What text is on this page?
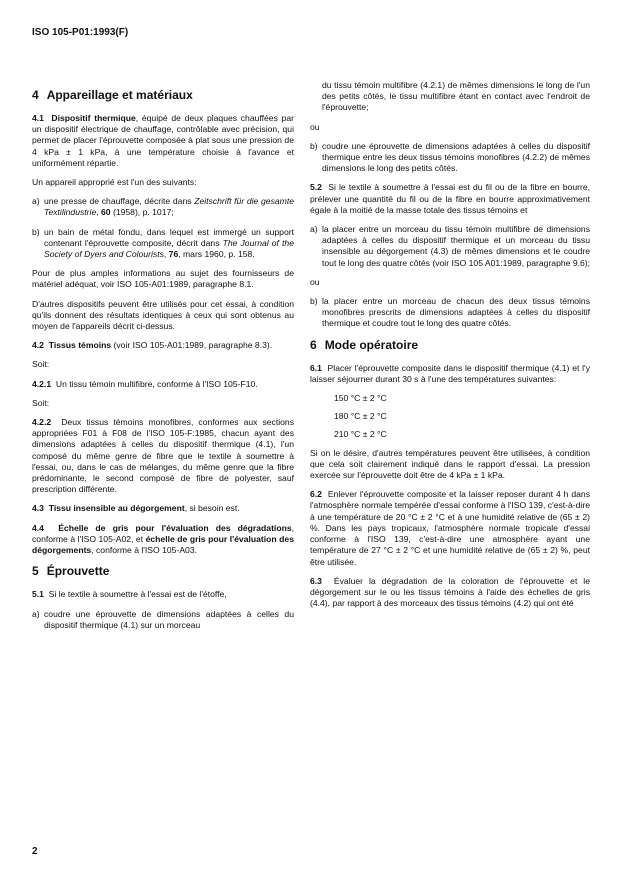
ISO 105-P01:1993(F)
4 Appareillage et matériaux

4.1 Dispositif thermique, équipé de deux plaques chauffées par un dispositif électrique de chauffage, contrôlable avec précision, qui permet de placer l'éprouvette composée à plat sous une pression de 4 kPa ± 1 kPa, à une température choisie à l'avance et uniformément répartie.

Un appareil approprié est l'un des suivants:

a) une presse de chauffage, décrite dans Zeitschrift für die gesamte Textilindustrie, 60 (1958), p. 1017;
b) un bain de métal fondu, dans lequel est immergé un support contenant l'éprouvette composite, décrit dans The Journal of the Society of Dyers and Colourists, 76, mars 1960, p. 158.

Pour de plus amples informations au sujet des fournisseurs de matériel adéquat, voir ISO 105-A01:1989, paragraphe 8.1.

D'autres dispositifs peuvent être utilisés pour cet essai, à condition qu'ils donnent des résultats identiques à ceux qui sont obtenus au moyen de l'appareils décrit ci-dessus.

4.2 Tissus témoins (voir ISO 105-A01:1989, paragraphe 8.3).

Soit:

4.2.1 Un tissu témoin multifibre, conforme à l'ISO 105-F10.

Soit:

4.2.2 Deux tissus témoins monofibres, conformes aux sections appropriées F01 à F08 de l'ISO 105-F:1985, chacun ayant des dimensions adaptées à celles du dispositif thermique (4.1), l'un composé du même genre de fibre que le textile à soumettre à l'essai, ou, dans le cas de mélanges, du même genre que la fibre prédominante, le second composé de fibre de polyester, sauf prescription différente.

4.3 Tissu insensible au dégorgement, si besoin est.

4.4 Échelle de gris pour l'évaluation des dégradations, conforme à l'ISO 105-A02, et échelle de gris pour l'évaluation des dégorgements, conforme à l'ISO 105-A03.

5 Éprouvette

5.1 Si le textile à soumettre à l'essai est de l'étoffe,

a) coudre une éprouvette de dimensions adaptées à celles du dispositif thermique (4.1) sur un morceau

du tissu témoin multifibre (4.2.1) de mêmes dimensions le long de l'un des petits côtés, le tissu multifibre étant en contact avec l'endroit de l'éprouvette;

ou

b) coudre une éprouvette de dimensions adaptées à celles du dispositif thermique entre les deux tissus témoins monofibres (4.2.2) de mêmes dimensions le long des petits côtés.

5.2 Si le textile à soumettre à l'essai est du fil ou de la fibre en bourre, prélever une quantité du fil ou de la fibre en bourre approximativement égale à la moitié de la masse totale des tissus témoins et

a) la placer entre un morceau du tissu témoin multifibre de dimensions adaptées à celles du dispositif thermique et un morceau du tissu insensible au dégorgement (4.3) de mêmes dimensions et le coudre tout le long des quatre côtés (voir ISO 105 A01:1989, paragraphe 9.6);

ou

b) la placer entre un morceau de chacun des deux tissus témoins monofibres prescrits de dimensions adaptées à celles du dispositif thermique et coudre tout le long des quatre côtés.
6 Mode opératoire

6.1 Placer l'éprouvette composite dans le dispositif thermique (4.1) et l'y laisser séjourner durant 30 s à l'une des températures suivantes:

150 °C ± 2 °C
180 °C ± 2 °C
210 °C ± 2 °C

Si on le désire, d'autres températures peuvent être utilisées, à condition que cela soit clairement indiqué dans le rapport d'essai. La pression exercée sur l'éprouvette doit être de 4 kPa ± 1 kPa.

6.2 Enlever l'éprouvette composite et la laisser reposer durant 4 h dans l'atmosphère normale tempérée d'essai conforme à l'ISO 139, c'est-à-dire à une température de 20 °C ± 2 °C et à une humidité relative de (65 ± 2) %. Dans les pays tropicaux, l'atmosphère normale tropicale d'essai conforme à l'ISO 139, c'est-à-dire une atmosphère ayant une température de 27 °C ± 2 °C et une humidité relative de (65 ± 2) %, peut être utilisée.

6.3 Évaluer la dégradation de la coloration de l'éprouvette et le dégorgement sur le ou les tissus témoins à l'aide des échelles de gris (4.4), par rapport à des morceaux des tissus témoins (4.2) qui ont été

2
